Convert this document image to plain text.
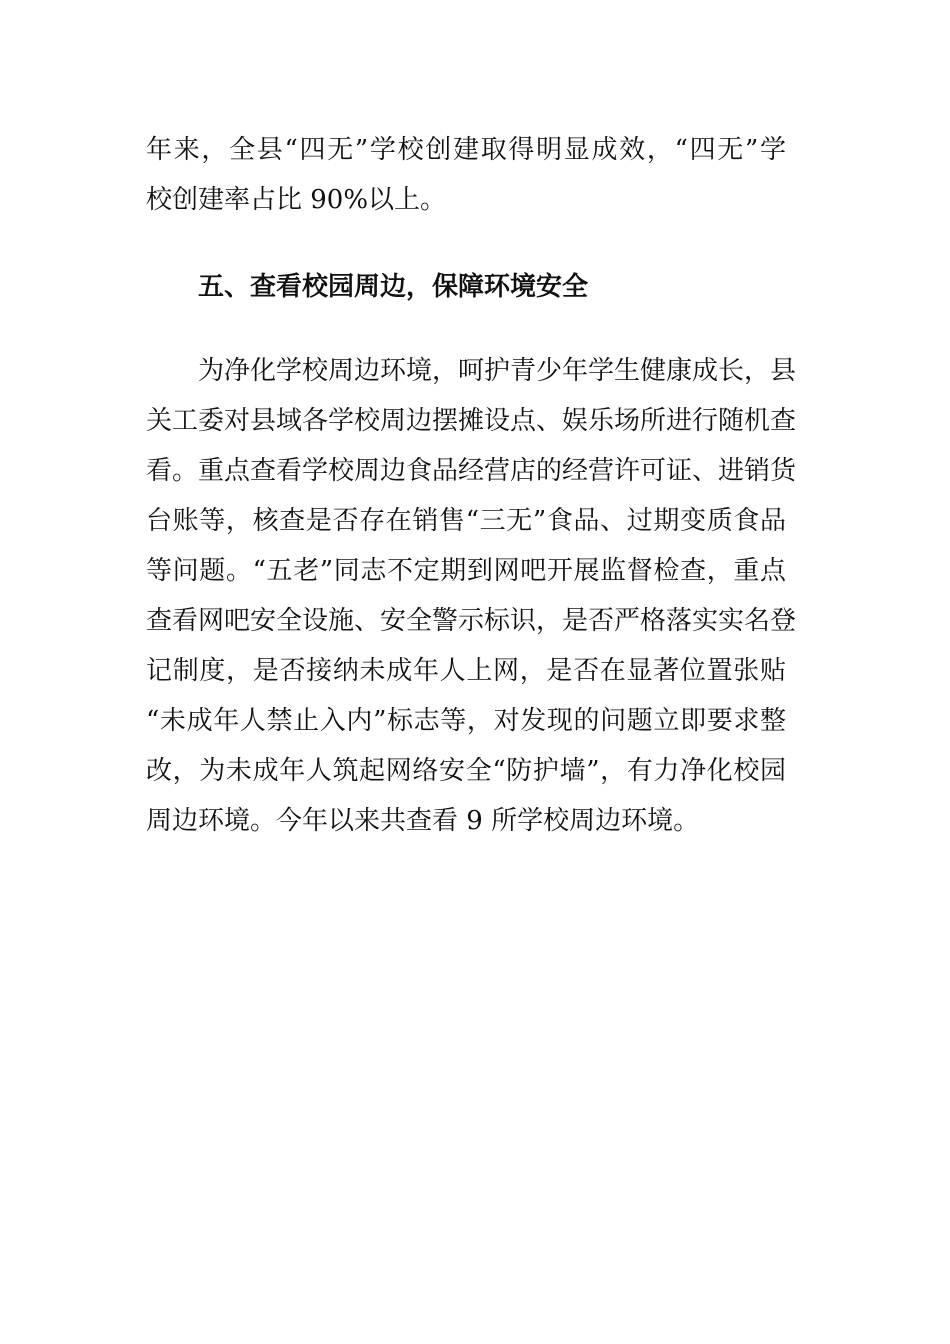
年来，全县“四无”学校创建取得明显成效，“四无”学
校创建率占比 90%以上。
五、查看校园周边，保障环境安全
为净化学校周边环境，呵护青少年学生健康成长，县
关工委对县域各学校周边摆摊设点、娱乐场所进行随机查
看。重点查看学校周边食品经营店的经营许可证、进销货
台账等，核查是否存在销售“三无”食品、过期变质食品
等问题。“五老”同志不定期到网吧开展监督检查，重点
查看网吧安全设施、安全警示标识，是否严格落实实名登
记制度，是否接纳未成年人上网，是否在显著位置张贴
“未成年人禁止入内”标志等，对发现的问题立即要求整
改，为未成年人筑起网络安全“防护墙”，有力净化校园
周边环境。今年以来共查看 9 所学校周边环境。
